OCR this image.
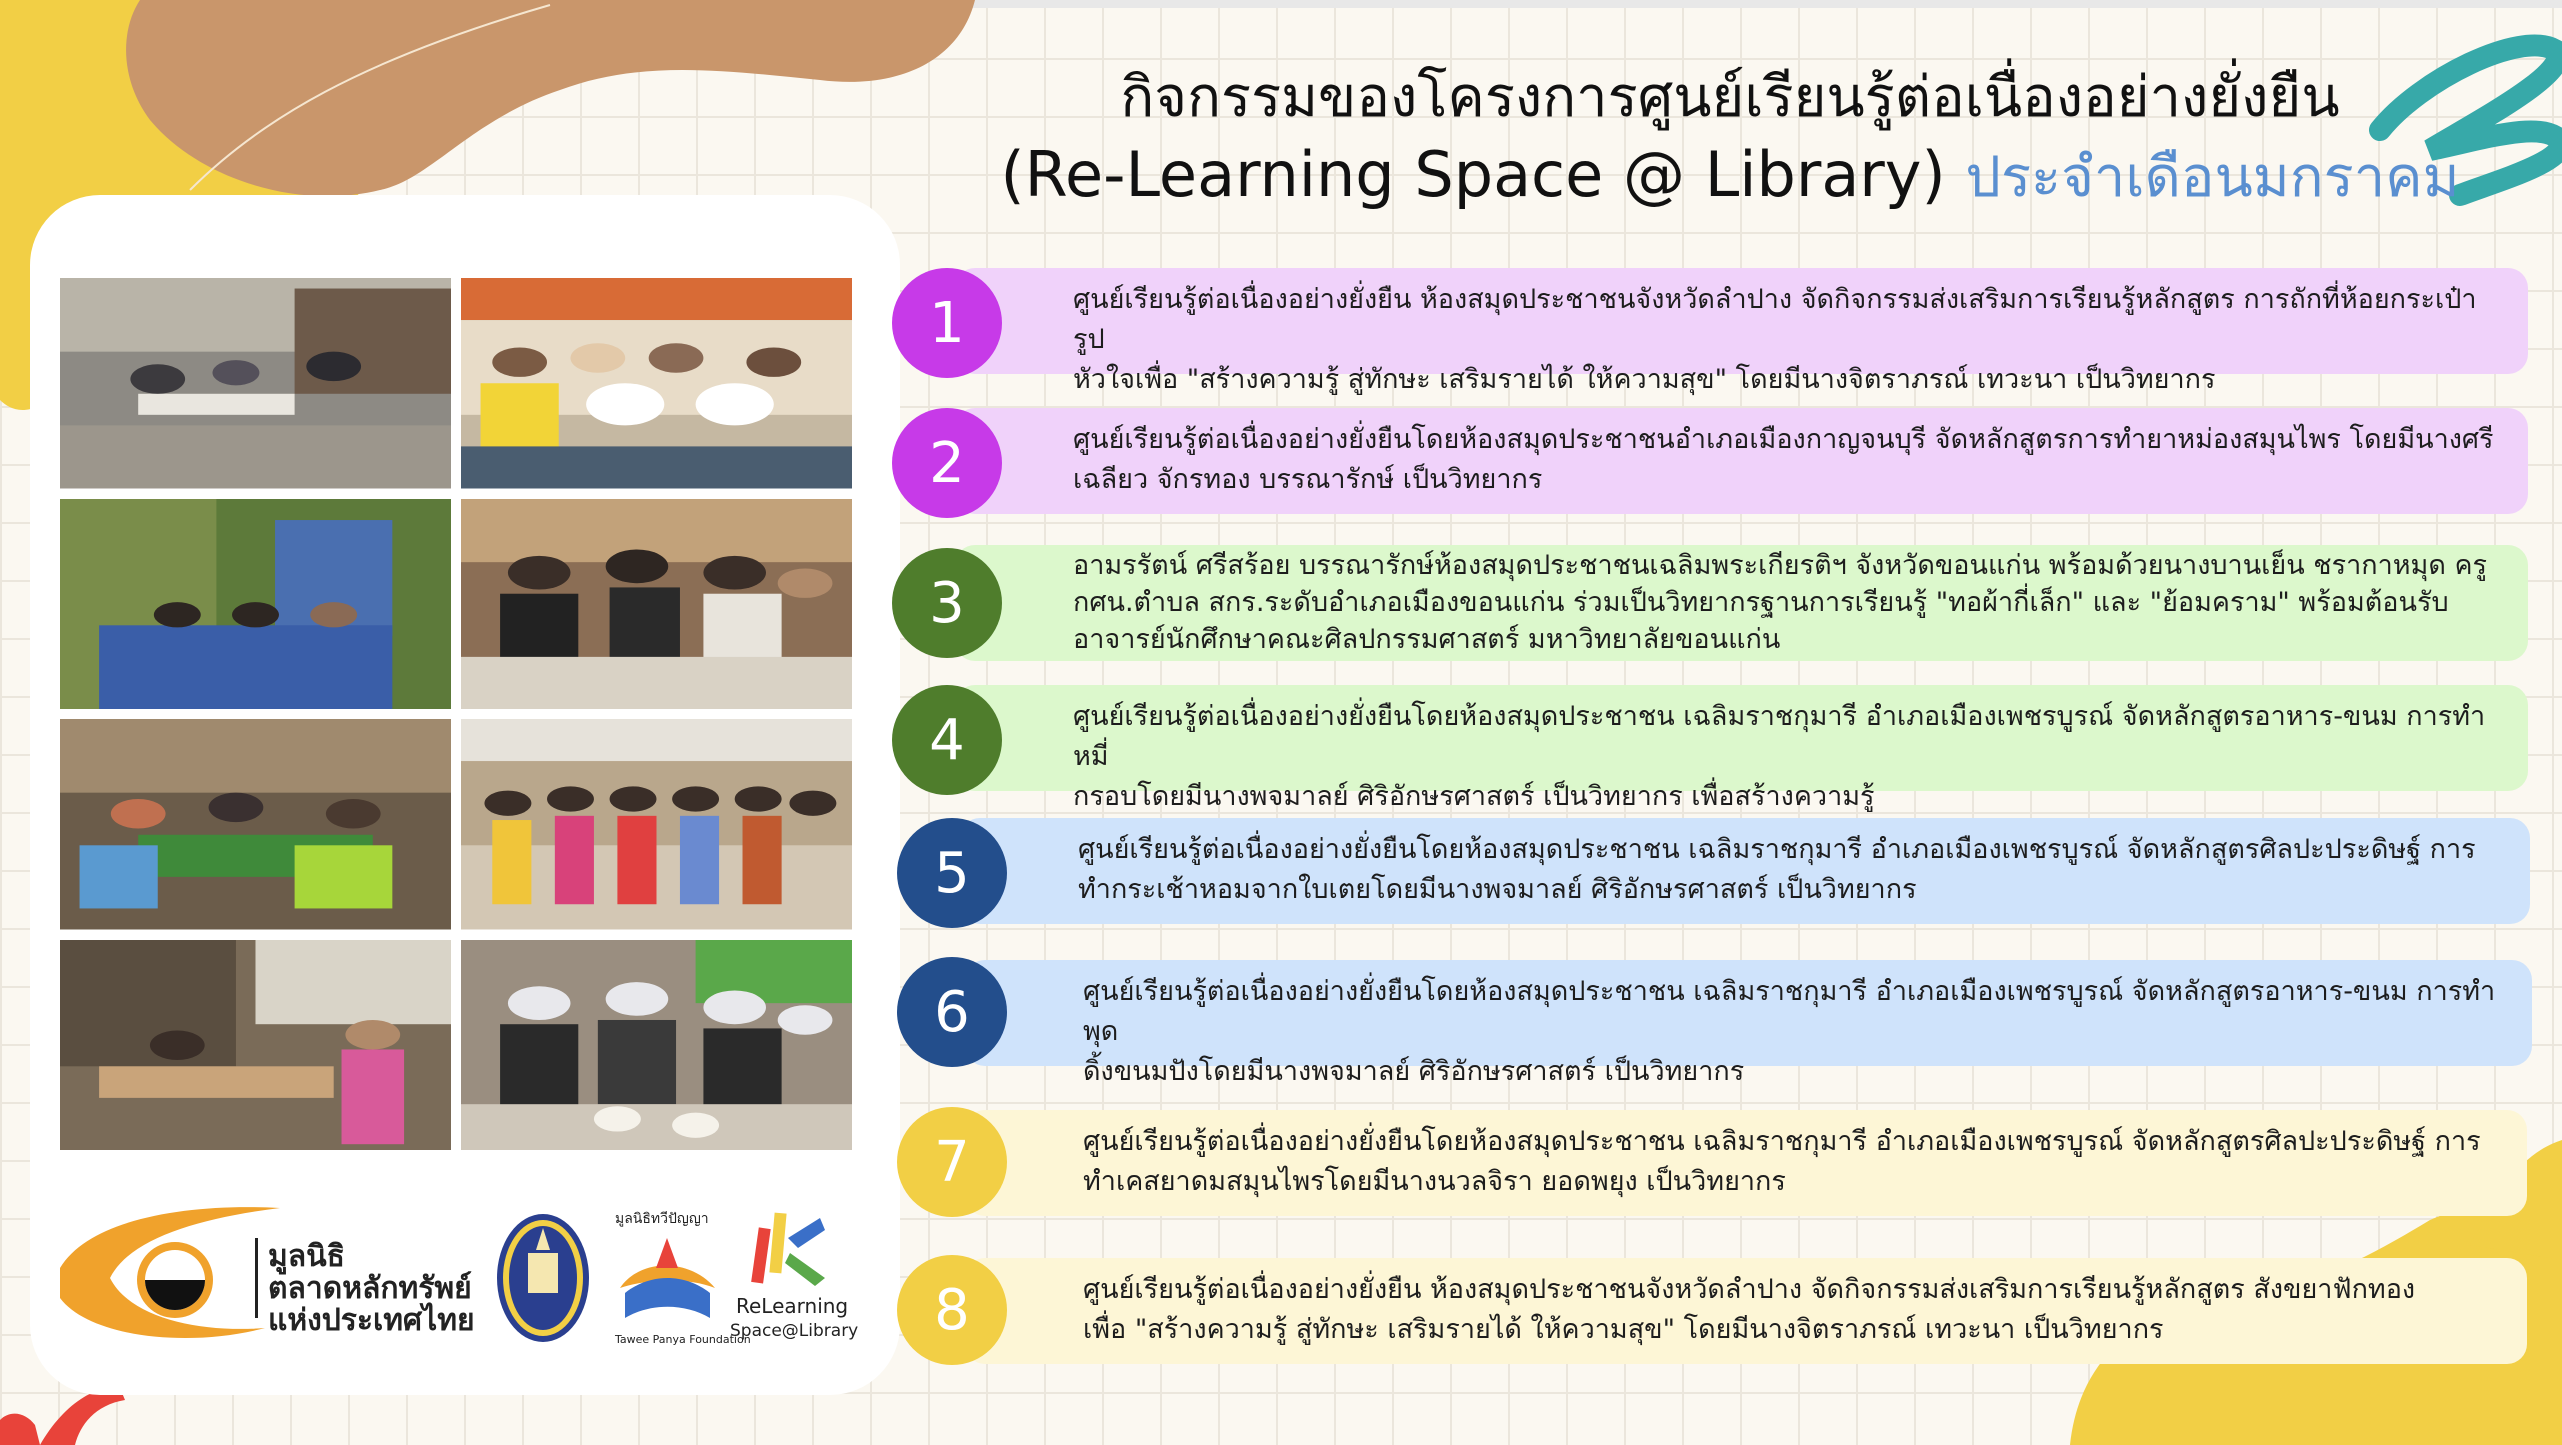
กิจกรรมของโครงการศูนย์เรียนรู้ต่อเนื่องอย่างยั่งยืน
(Re-Learning Space @ Library) ประจำเดือนมกราคม
ศูนย์เรียนรู้ต่อเนื่องอย่างยั่งยืน ห้องสมุดประชาชนจังหวัดลำปาง จัดกิจกรรมส่งเสริมการเรียนรู้หลักสูตร การถักที่ห้อยกระเป๋ารูป
หัวใจเพื่อ "สร้างความรู้ สู่ทักษะ เสริมรายได้ ให้ความสุข" โดยมีนางจิตราภรณ์ เทวะนา เป็นวิทยากร
1
ศูนย์เรียนรู้ต่อเนื่องอย่างยั่งยืนโดยห้องสมุดประชาชนอำเภอเมืองกาญจนบุรี จัดหลักสูตรการทำยาหม่องสมุนไพร โดยมีนางศรี
เฉลียว จักรทอง บรรณารักษ์ เป็นวิทยากร
2
อามรรัตน์ ศรีสร้อย บรรณารักษ์ห้องสมุดประชาชนเฉลิมพระเกียรติฯ จังหวัดขอนแก่น พร้อมด้วยนางบานเย็น ชรากาหมุด ครู
กศน.ตำบล สกร.ระดับอำเภอเมืองขอนแก่น ร่วมเป็นวิทยากรฐานการเรียนรู้ "ทอผ้ากี่เล็ก" และ "ย้อมคราม" พร้อมต้อนรับ
อาจารย์นักศึกษาคณะศิลปกรรมศาสตร์ มหาวิทยาลัยขอนแก่น
3
ศูนย์เรียนรู้ต่อเนื่องอย่างยั่งยืนโดยห้องสมุดประชาชน เฉลิมราชกุมารี อำเภอเมืองเพชรบูรณ์ จัดหลักสูตรอาหาร-ขนม การทำหมี่
กรอบโดยมีนางพจมาลย์ ศิริอักษรศาสตร์ เป็นวิทยากร เพื่อสร้างความรู้
4
ศูนย์เรียนรู้ต่อเนื่องอย่างยั่งยืนโดยห้องสมุดประชาชน เฉลิมราชกุมารี อำเภอเมืองเพชรบูรณ์ จัดหลักสูตรศิลปะประดิษฐ์ การ
ทำกระเช้าหอมจากใบเตยโดยมีนางพจมาลย์ ศิริอักษรศาสตร์ เป็นวิทยากร
5
ศูนย์เรียนรู้ต่อเนื่องอย่างยั่งยืนโดยห้องสมุดประชาชน เฉลิมราชกุมารี อำเภอเมืองเพชรบูรณ์ จัดหลักสูตรอาหาร-ขนม การทำพุด
ดิ้งขนมปังโดยมีนางพจมาลย์ ศิริอักษรศาสตร์ เป็นวิทยากร
6
ศูนย์เรียนรู้ต่อเนื่องอย่างยั่งยืนโดยห้องสมุดประชาชน เฉลิมราชกุมารี อำเภอเมืองเพชรบูรณ์ จัดหลักสูตรศิลปะประดิษฐ์ การ
ทำเคสยาดมสมุนไพรโดยมีนางนวลจิรา ยอดพยุง เป็นวิทยากร
7
ศูนย์เรียนรู้ต่อเนื่องอย่างยั่งยืน ห้องสมุดประชาชนจังหวัดลำปาง จัดกิจกรรมส่งเสริมการเรียนรู้หลักสูตร สังขยาฟักทอง
เพื่อ "สร้างความรู้ สู่ทักษะ เสริมรายได้ ให้ความสุข" โดยมีนางจิตราภรณ์ เทวะนา เป็นวิทยากร
8
มูลนิธิ
ตลาดหลักทรัพย์
แห่งประเทศไทย
มูลนิธิทวีปัญญา
Tawee Panya Foundation
ReLearning
Space@Library
